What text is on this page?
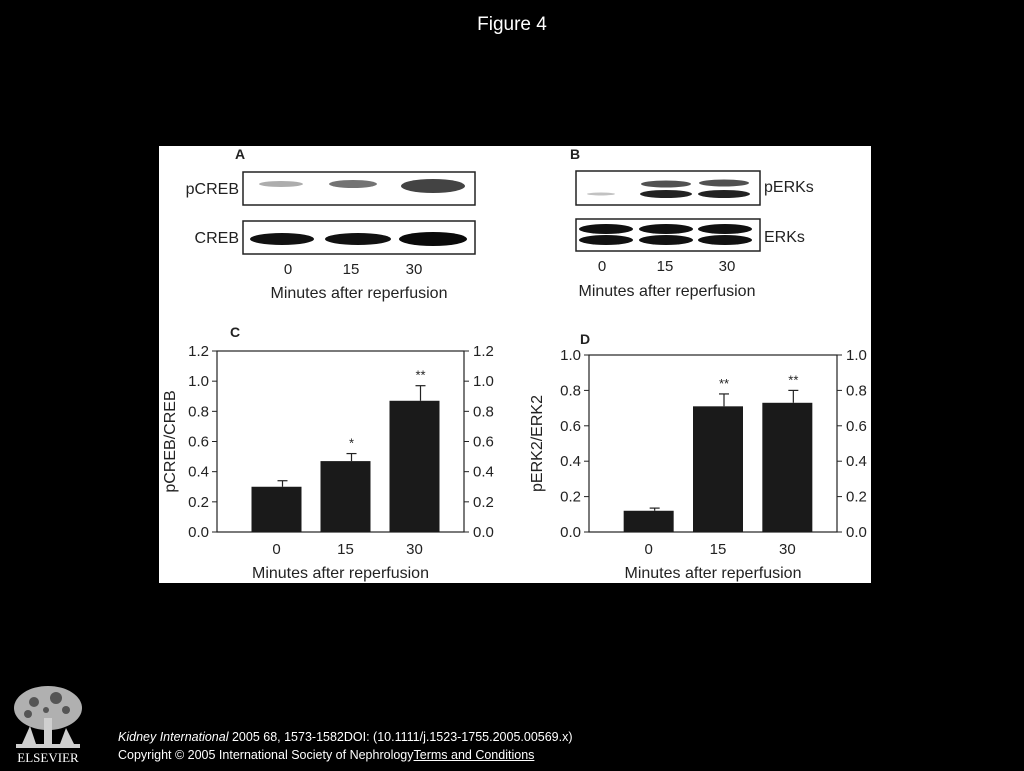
Figure 4
A
pCREB
CREB
0	15	30
Minutes after reperfusion
B
pERKs
ERKs
0	15	30
Minutes after reperfusion
C
0.0	0.0
0.2	0.2
0.4	0.4
0.6	0.6
0.8	0.8
1.0	1.0
1.2	1.2
0
*
15
**
30
Minutes after reperfusion
pCREB/CREB
D
0.0	0.0
0.2	0.2
0.4	0.4
0.6	0.6
0.8	0.8
1.0	1.0
0
**
15
**
30
Minutes after reperfusion
pERK2/ERK2
ELSEVIER
Kidney International 2005 68, 1573-1582DOI: (10.1111/j.1523-1755.2005.00569.x)
Copyright © 2005 International Society of NephrologyTerms and Conditions
